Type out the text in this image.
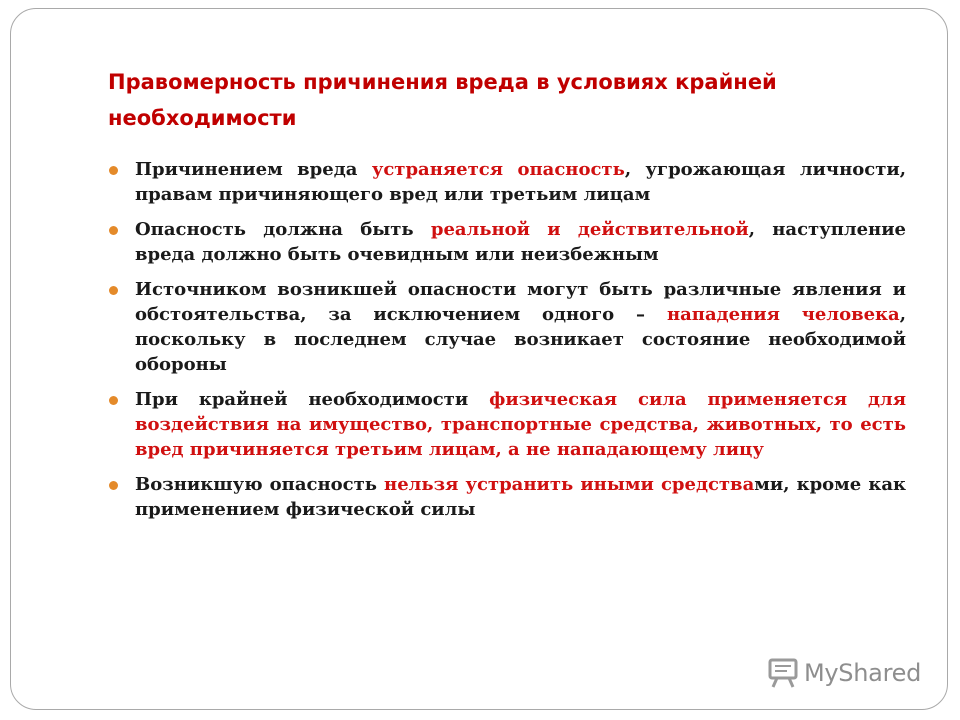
Правомерность причинения вреда в условиях крайней необходимости
Причинением вреда устраняется опасность, угрожающая личности, правам причиняющего вред или третьим лицам
Опасность должна быть реальной и действительной, наступление вреда должно быть очевидным или неизбежным
Источником возникшей опасности могут быть различные явления и обстоятельства, за исключением одного – нападения человека, поскольку в последнем случае возникает состояние необходимой обороны
При крайней необходимости физическая сила применяется для воздействия на имущество, транспортные средства, животных, то есть вред причиняется третьим лицам, а не нападающему лицу
Возникшую опасность нельзя устранить иными средствами, кроме как применением физической силы
MyShared
